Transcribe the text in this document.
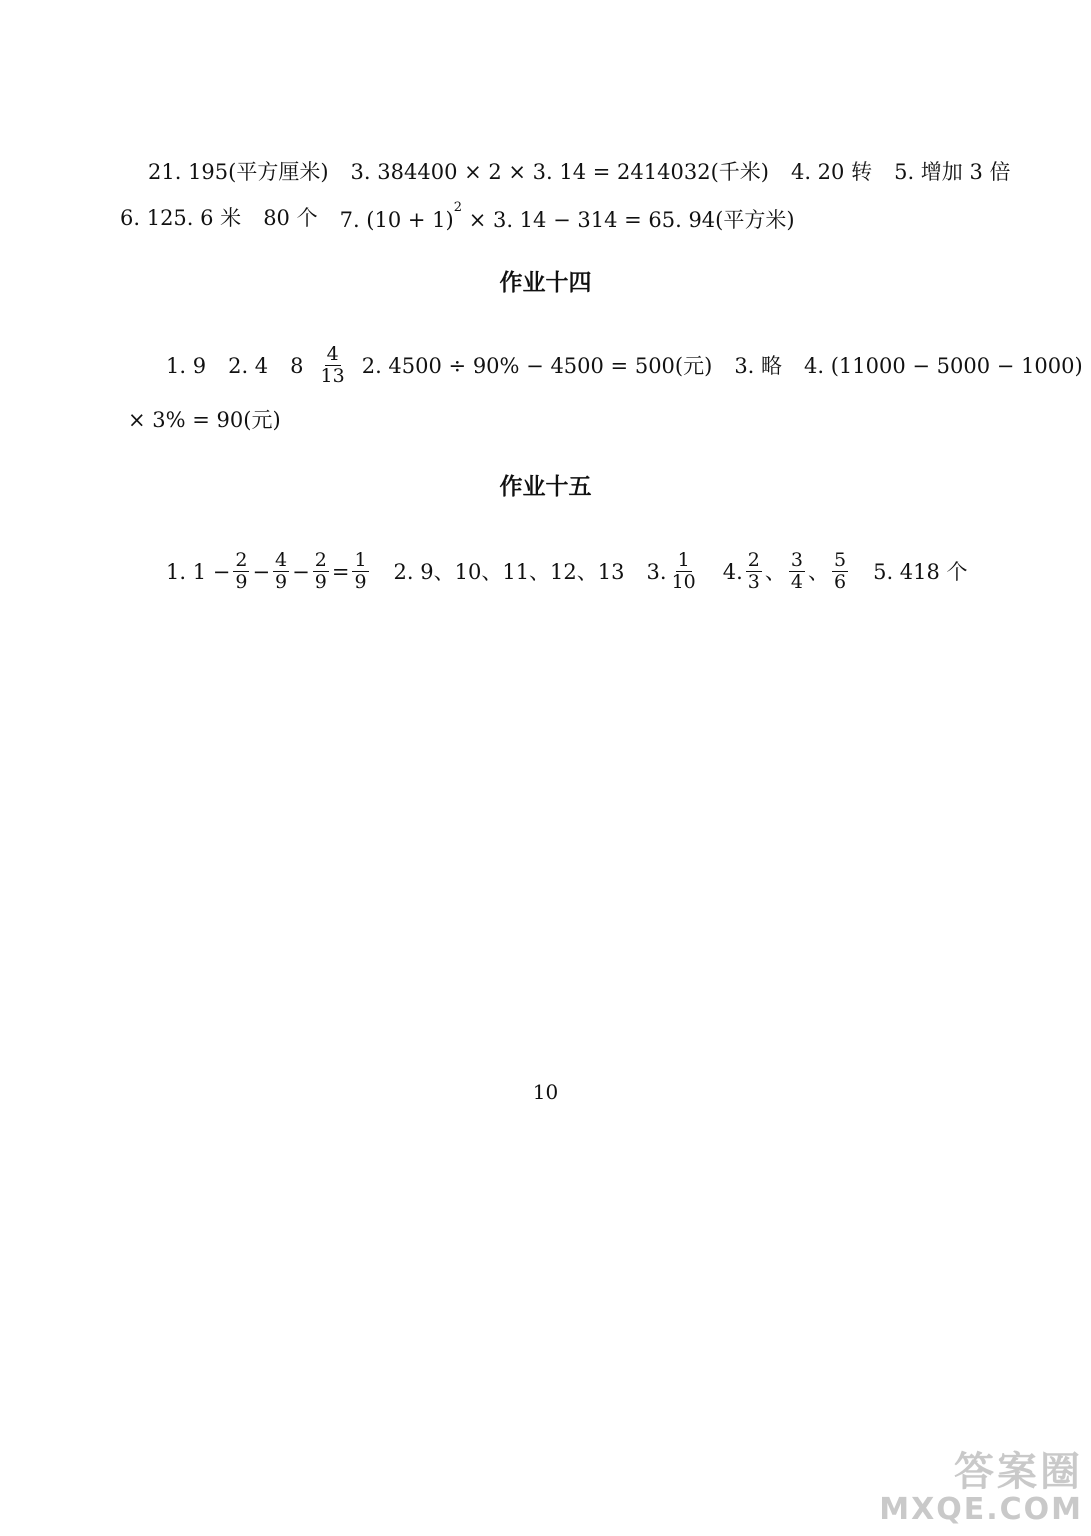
21. 195(平方厘米) 3. 384400 × 2 × 3. 14 = 2414032(千米) 4. 20 转 5. 增加 3 倍
6. 125. 6 米 80 个 7. $(10 + 1)^2 \times 3$. 14 − 314 = 65. 94(平方米)
作业十四
1. 9 2. 4 $8 \frac{4}{13} 2$. 4500 ÷ 90% − 4500 = 500(元) 3. 略 4. (11000 − 5000 − 1000)
× 3% = 90(元)
作业十五
1. $1 - \frac{2}{9} - \frac{4}{9} - \frac{2}{9} = \frac{1}{9} 2$. 9、10、11、12、13 3. $\frac{1}{10} 4$. $\frac{2}{3}$ 、 $\frac{3}{4}$ 、 $\frac{5}{6} 5$. 418 个
10
答案圈
MXQE.COM
